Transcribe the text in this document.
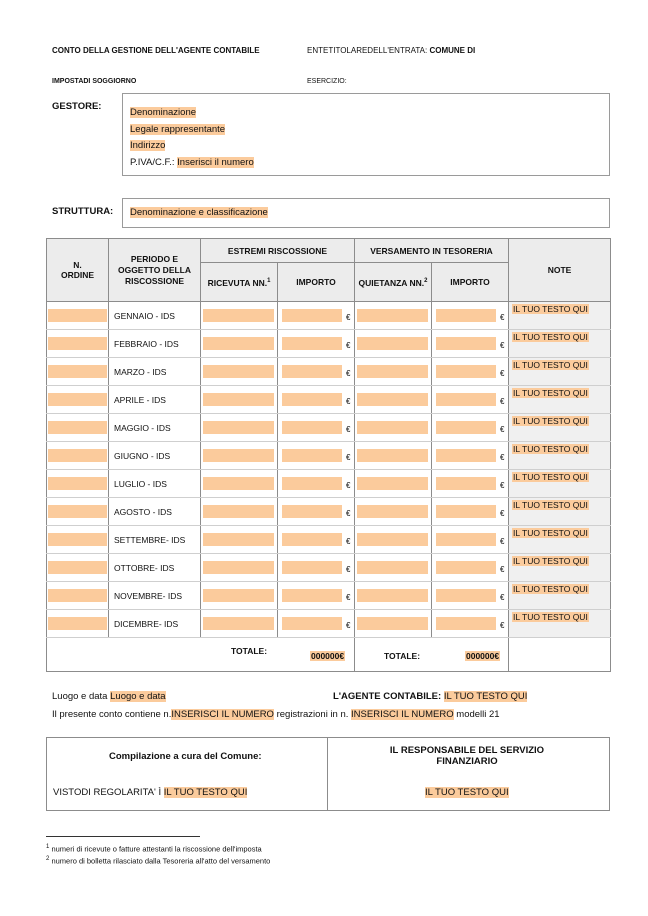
CONTO DELLA GESTIONE DELL'AGENTE CONTABILE	ENTETITOLAREDELL'ENTRATA: COMUNE DI
IMPOSTADI SOGGIORNO	ESERCIZIO:
GESTORE:
Denominazione
Legale rappresentante
Indirizzo
P.IVA/C.F.: Inserisci il numero
STRUTTURA:	Denominazione e classificazione
N. ORDINE	PERIODO E OGGETTO DELLA RISCOSSIONE	ESTREMI RISCOSSIONE		VERSAMENTO IN TESORERIA		NOTE
		RICEVUTA NN.$^1$	IMPORTO	QUIETANZA NN.$^2$	IMPORTO	

	GENNAIO - IDS		€		€	IL TUO TESTO QUI

	FEBBRAIO - IDS		€		€	IL TUO TESTO QUI

	MARZO - IDS		€		€	IL TUO TESTO QUI

	APRILE - IDS		€		€	IL TUO TESTO QUI

	MAGGIO - IDS		€		€	IL TUO TESTO QUI

	GIUGNO - IDS		€		€	IL TUO TESTO QUI

	LUGLIO - IDS		€		€	IL TUO TESTO QUI

	AGOSTO - IDS		€		€	IL TUO TESTO QUI

	SETTEMBRE- IDS		€		€	IL TUO TESTO QUI

	OTTOBRE- IDS		€		€	IL TUO TESTO QUI

	NOVEMBRE- IDS		€		€	IL TUO TESTO QUI

	DICEMBRE- IDS		€		€	IL TUO TESTO QUI

TOTALE: 000000€				TOTALE: 000000€		

Luogo e data Luogo e data	L'AGENTE CONTABILE: IL TUO TESTO QUI
Il presente conto contiene n.INSERISCI IL NUMERO registrazioni in n. INSERISCI IL NUMERO modelli 21
Compilazione a cura del Comune:
IL RESPONSABILE DEL SERVIZIO FINANZIARIO
VISTODI REGOLARITA' Ì IL TUO TESTO QUI	IL TUO TESTO QUI
$^1$ numeri di ricevute o fatture attestanti la riscossione dell'imposta
$^2$ numero di bolletta rilasciato dalla Tesoreria all'atto del versamento
